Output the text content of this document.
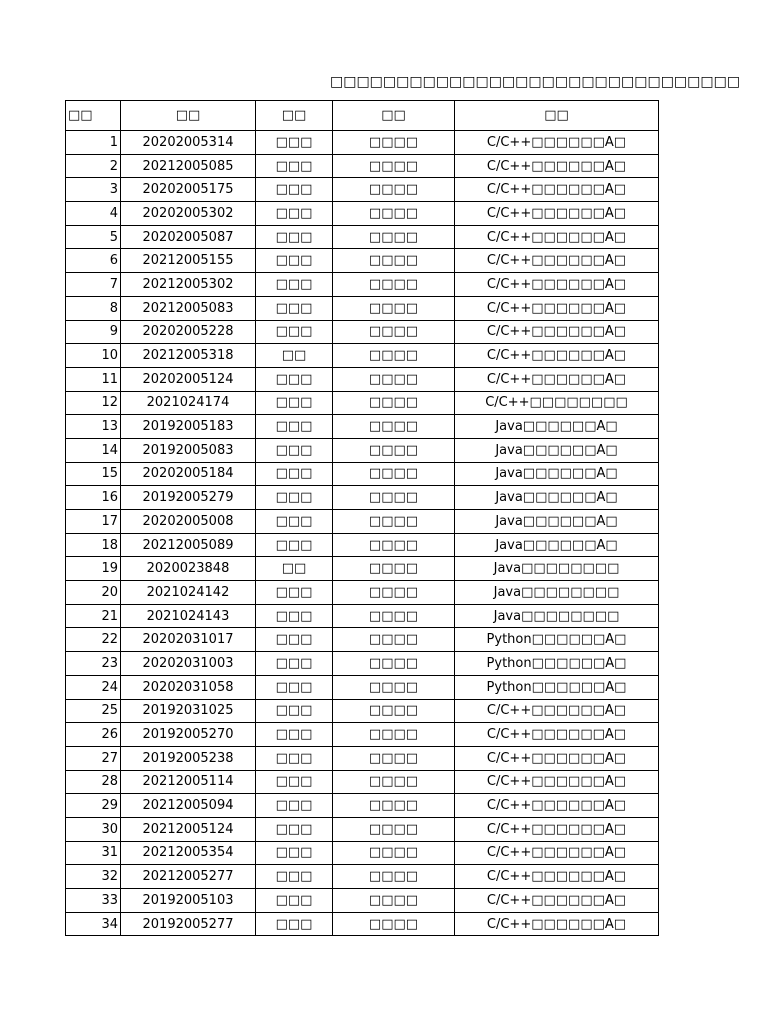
□□□□□□□□□□□□□□□□□□□□□□□□□□□□□□□
□□	□□	□□	□□	□□
1	20202005314	□□□	□□□□	C/C++□□□□□□A□
2	20212005085	□□□	□□□□	C/C++□□□□□□A□
3	20202005175	□□□	□□□□	C/C++□□□□□□A□
4	20202005302	□□□	□□□□	C/C++□□□□□□A□
5	20202005087	□□□	□□□□	C/C++□□□□□□A□
6	20212005155	□□□	□□□□	C/C++□□□□□□A□
7	20212005302	□□□	□□□□	C/C++□□□□□□A□
8	20212005083	□□□	□□□□	C/C++□□□□□□A□
9	20202005228	□□□	□□□□	C/C++□□□□□□A□
10	20212005318	□□	□□□□	C/C++□□□□□□A□
11	20202005124	□□□	□□□□	C/C++□□□□□□A□
12	2021024174	□□□	□□□□	C/C++□□□□□□□□
13	20192005183	□□□	□□□□	Java□□□□□□A□
14	20192005083	□□□	□□□□	Java□□□□□□A□
15	20202005184	□□□	□□□□	Java□□□□□□A□
16	20192005279	□□□	□□□□	Java□□□□□□A□
17	20202005008	□□□	□□□□	Java□□□□□□A□
18	20212005089	□□□	□□□□	Java□□□□□□A□
19	2020023848	□□	□□□□	Java□□□□□□□□
20	2021024142	□□□	□□□□	Java□□□□□□□□
21	2021024143	□□□	□□□□	Java□□□□□□□□
22	20202031017	□□□	□□□□	Python□□□□□□A□
23	20202031003	□□□	□□□□	Python□□□□□□A□
24	20202031058	□□□	□□□□	Python□□□□□□A□
25	20192031025	□□□	□□□□	C/C++□□□□□□A□
26	20192005270	□□□	□□□□	C/C++□□□□□□A□
27	20192005238	□□□	□□□□	C/C++□□□□□□A□
28	20212005114	□□□	□□□□	C/C++□□□□□□A□
29	20212005094	□□□	□□□□	C/C++□□□□□□A□
30	20212005124	□□□	□□□□	C/C++□□□□□□A□
31	20212005354	□□□	□□□□	C/C++□□□□□□A□
32	20212005277	□□□	□□□□	C/C++□□□□□□A□
33	20192005103	□□□	□□□□	C/C++□□□□□□A□
34	20192005277	□□□	□□□□	C/C++□□□□□□A□
